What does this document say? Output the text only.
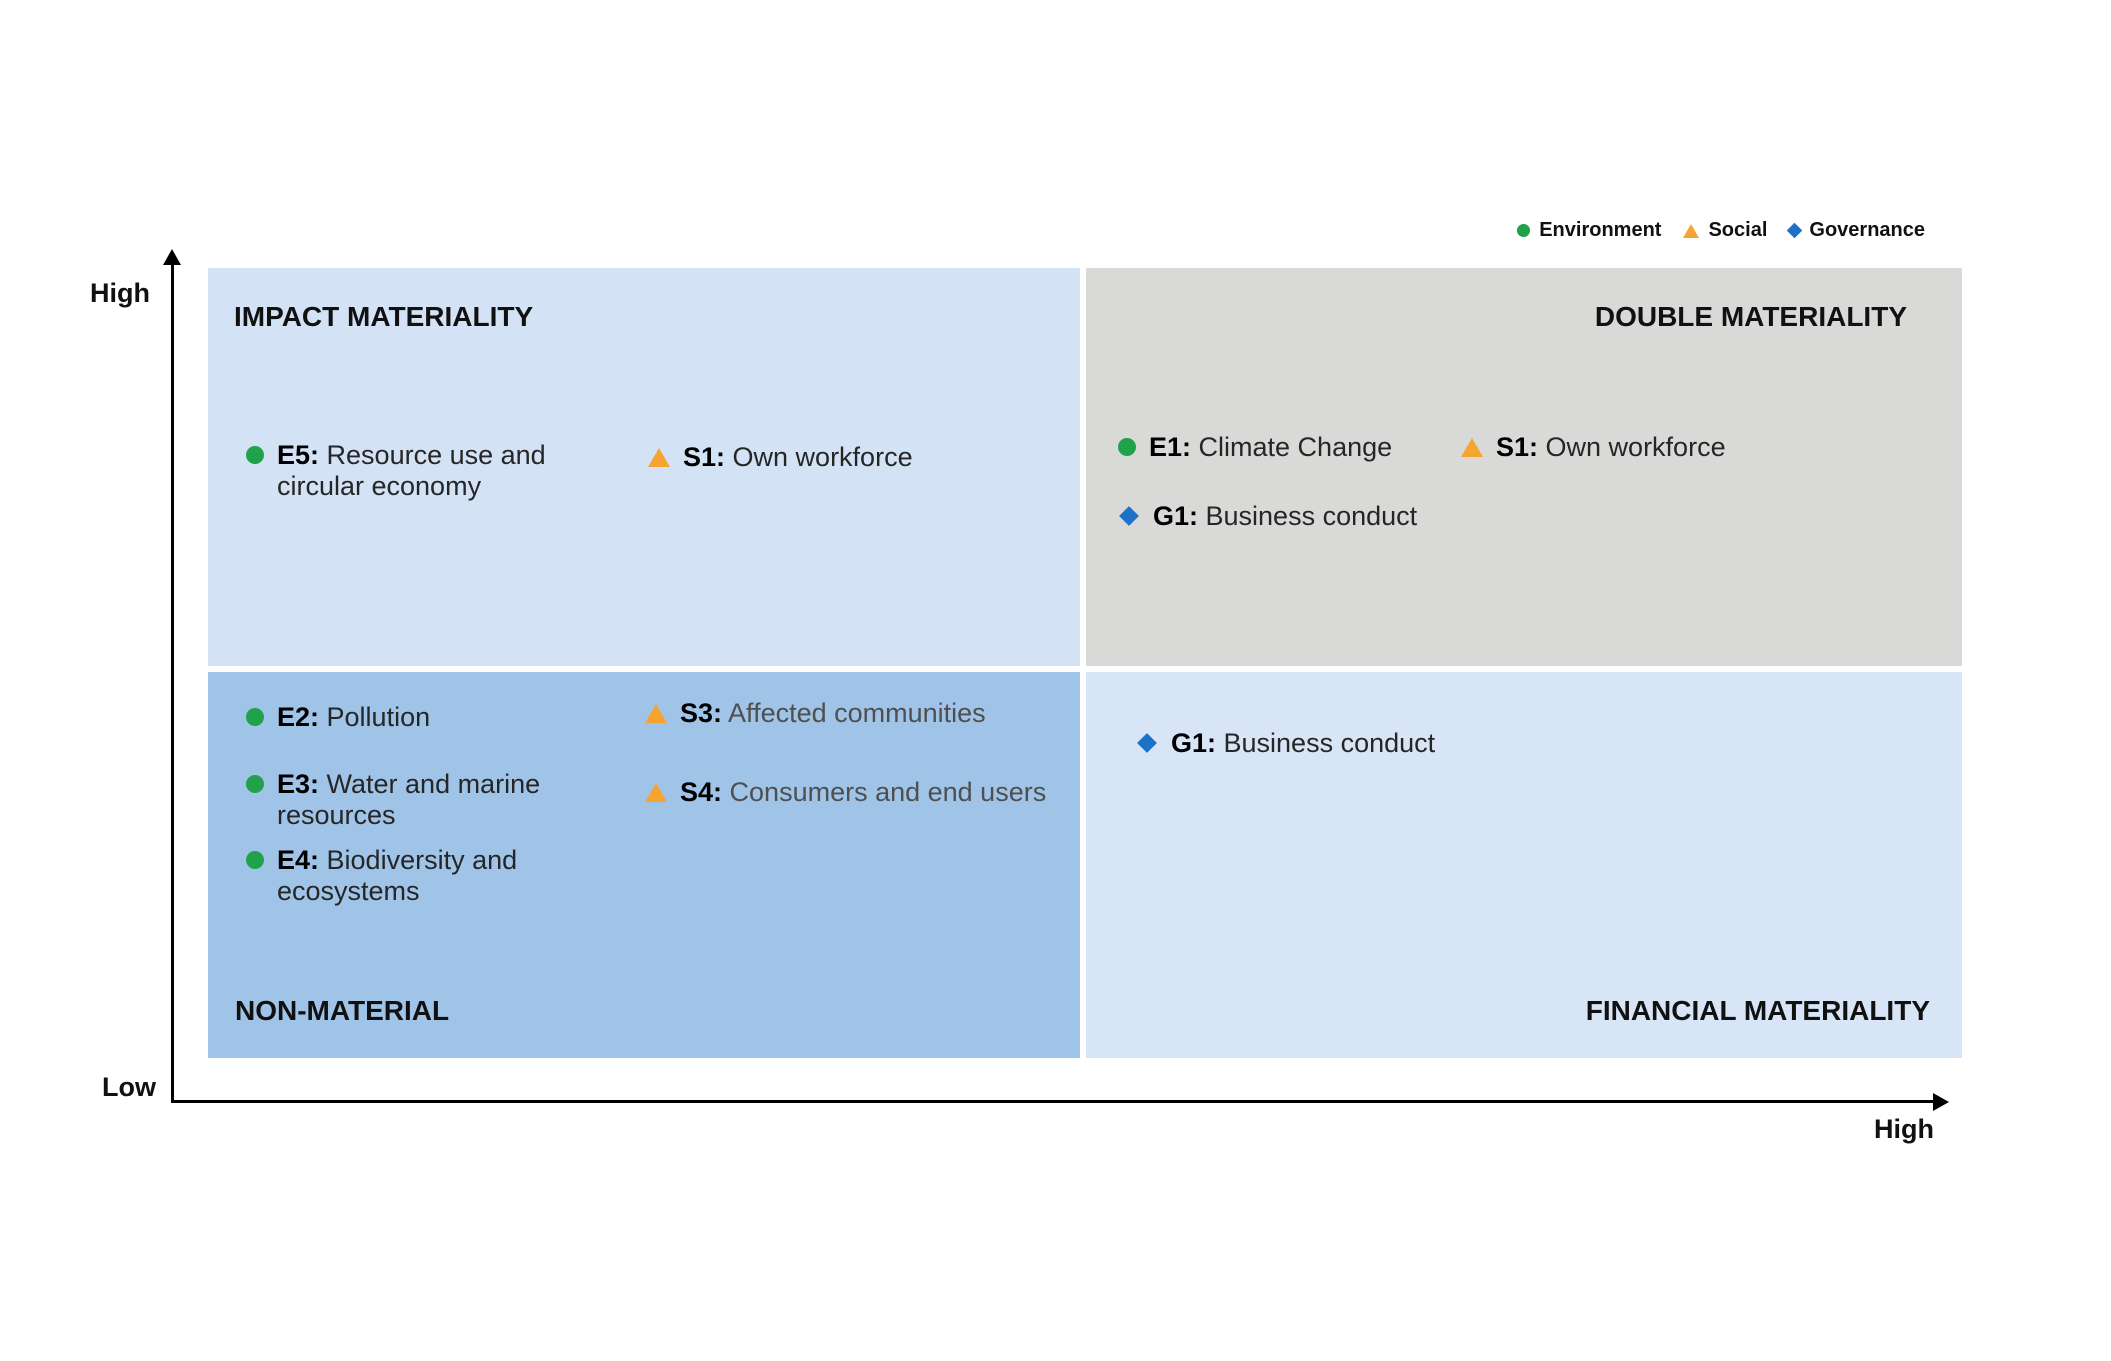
Environment Social Governance
High
Low
High
IMPACT MATERIALITY
E5: Resource use and circular economy
S1: Own workforce
DOUBLE MATERIALITY
E1: Climate Change
G1: Business conduct
S1: Own workforce
NON-MATERIAL
E2: Pollution
E3: Water and marine resources
E4: Biodiversity and ecosystems
S3: Affected communities
S4: Consumers and end users
FINANCIAL MATERIALITY
G1: Business conduct
